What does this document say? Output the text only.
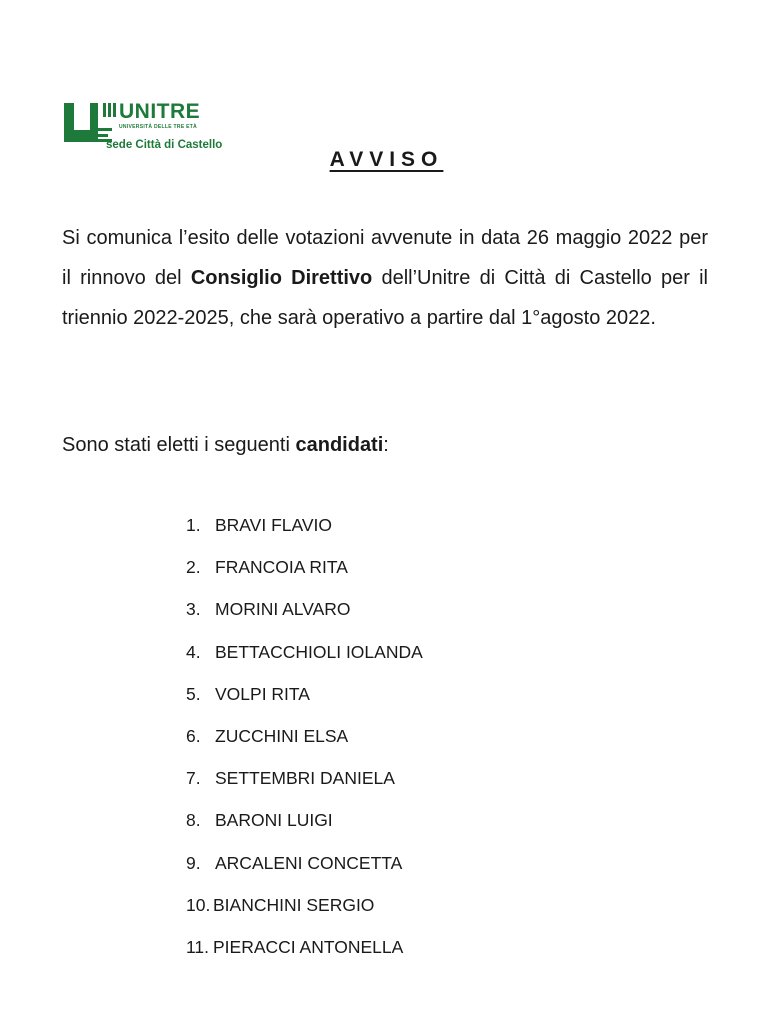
UNITRE
UNIVERSITÀ DELLE TRE ETÀ
sede Città di Castello
AVVISO

Si comunica l’esito delle votazioni avvenute in data 26 maggio 2022 per il rinnovo del Consiglio Direttivo dell’Unitre di Città di Castello per il triennio 2022-2025, che sarà operativo a partire dal 1°agosto 2022.

Sono stati eletti i seguenti candidati:

1. BRAVI FLAVIO
2. FRANCOIA RITA
3. MORINI ALVARO
4. BETTACCHIOLI IOLANDA
5. VOLPI RITA
6. ZUCCHINI ELSA
7. SETTEMBRI DANIELA
8. BARONI LUIGI
9. ARCALENI CONCETTA
10. BIANCHINI SERGIO
11. PIERACCI ANTONELLA
